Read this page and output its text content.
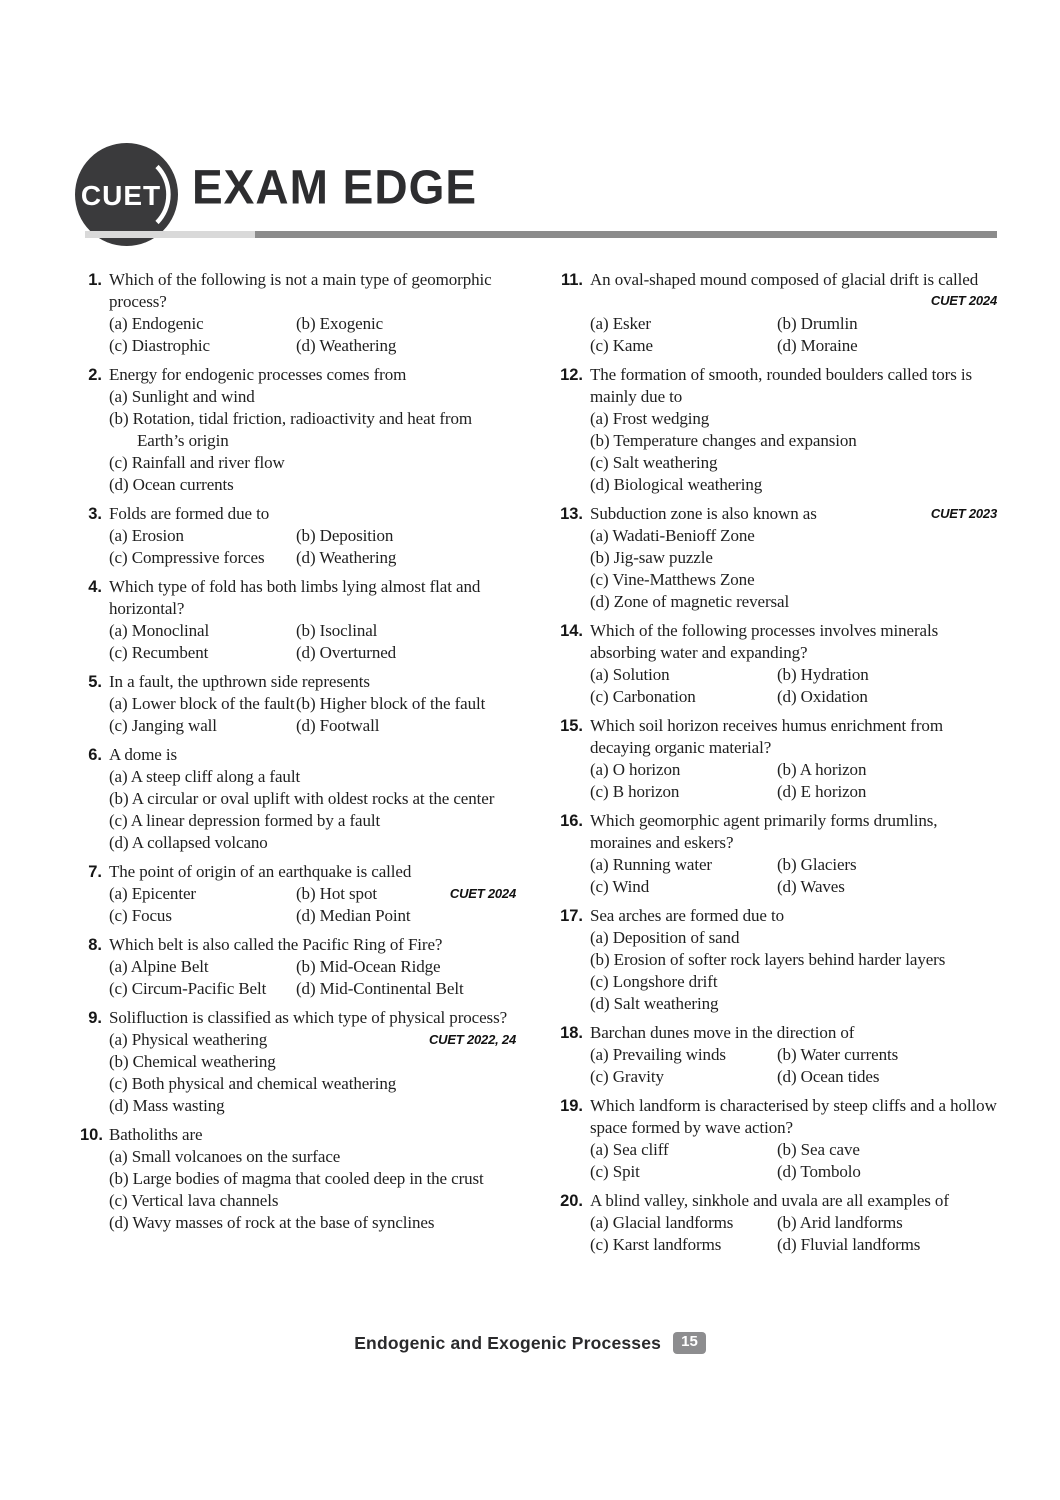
CUET EXAM EDGE
1. Which of the following is not a main type of geomorphic process?

(a) Endogenic	(b) Exogenic
(c) Diastrophic	(d) Weathering
2. Energy for endogenic processes comes from

(a) Sunlight and wind
(b) Rotation, tidal friction, radioactivity and heat from Earth’s origin
(c) Rainfall and river flow
(d) Ocean currents
3. Folds are formed due to

(a) Erosion	(b) Deposition
(c) Compressive forces	(d) Weathering
4. Which type of fold has both limbs lying almost flat and horizontal?

(a) Monoclinal	(b) Isoclinal
(c) Recumbent	(d) Overturned
5. In a fault, the upthrown side represents

(a) Lower block of the fault (b) Higher block of the fault
(c) Janging wall	(d) Footwall
6. A dome is

(a) A steep cliff along a fault
(b) A circular or oval uplift with oldest rocks at the center
(c) A linear depression formed by a fault
(d) A collapsed volcano
7. The point of origin of an earthquake is called

(a) Epicenter	(b) Hot spot
(c) Focus	(d) Median Point
CUET 2024
8. Which belt is also called the Pacific Ring of Fire?

(a) Alpine Belt	(b) Mid-Ocean Ridge
(c) Circum-Pacific Belt	(d) Mid-Continental Belt
9. Solifluction is classified as which type of physical process?
CUET 2022, 24

(a) Physical weathering
(b) Chemical weathering
(c) Both physical and chemical weathering
(d) Mass wasting
10. Batholiths are

(a) Small volcanoes on the surface
(b) Large bodies of magma that cooled deep in the crust
(c) Vertical lava channels
(d) Wavy masses of rock at the base of synclines
11. An oval-shaped mound composed of glacial drift is called

CUET 2024
(a) Esker	(b) Drumlin
(c) Kame	(d) Moraine
12. The formation of smooth, rounded boulders called tors is mainly due to

(a) Frost wedging
(b) Temperature changes and expansion
(c) Salt weathering
(d) Biological weathering
13. Subduction zone is also known as	CUET 2023

(a) Wadati-Benioff Zone
(b) Jig-saw puzzle
(c) Vine-Matthews Zone
(d) Zone of magnetic reversal
14. Which of the following processes involves minerals absorbing water and expanding?

(a) Solution	(b) Hydration
(c) Carbonation	(d) Oxidation
15. Which soil horizon receives humus enrichment from decaying organic material?

(a) O horizon	(b) A horizon
(c) B horizon	(d) E horizon
16. Which geomorphic agent primarily forms drumlins, moraines and eskers?

(a) Running water	(b) Glaciers
(c) Wind	(d) Waves
17. Sea arches are formed due to

(a) Deposition of sand
(b) Erosion of softer rock layers behind harder layers
(c) Longshore drift
(d) Salt weathering
18. Barchan dunes move in the direction of

(a) Prevailing winds	(b) Water currents
(c) Gravity	(d) Ocean tides
19. Which landform is characterised by steep cliffs and a hollow space formed by wave action?

(a) Sea cliff	(b) Sea cave
(c) Spit	(d) Tombolo
20. A blind valley, sinkhole and uvala are all examples of

(a) Glacial landforms	(b) Arid landforms
(c) Karst landforms	(d) Fluvial landforms
Endogenic and Exogenic Processes	15
